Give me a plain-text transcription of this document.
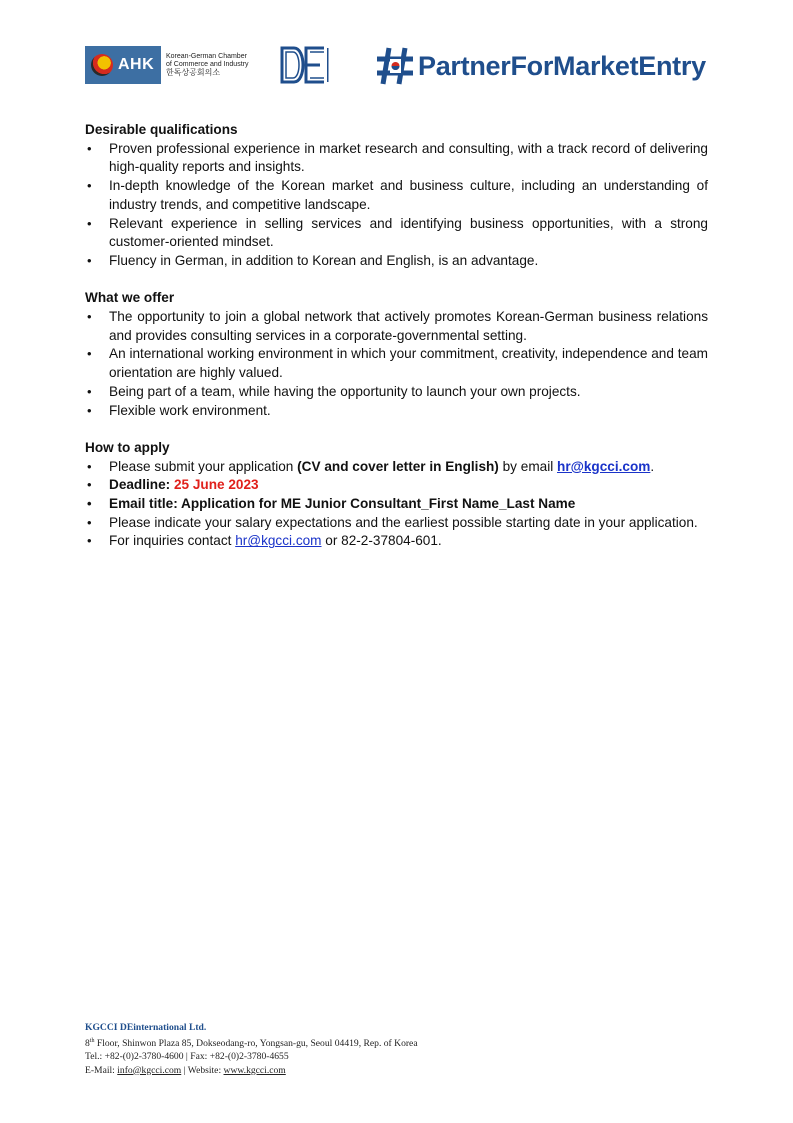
AHK Korean-German Chamber
of Commerce and Industry
한독상공회의소	PartnerForMarketEntry
Desirable qualifications
• Proven professional experience in market research and consulting, with a track record of delivering high-quality reports and insights.
• In-depth knowledge of the Korean market and business culture, including an understanding of industry trends, and competitive landscape.
• Relevant experience in selling services and identifying business opportunities, with a strong customer-oriented mindset.
• Fluency in German, in addition to Korean and English, is an advantage.
What we offer
• The opportunity to join a global network that actively promotes Korean-German business relations and provides consulting services in a corporate-governmental setting.
• An international working environment in which your commitment, creativity, independence and team orientation are highly valued.
• Being part of a team, while having the opportunity to launch your own projects.
• Flexible work environment.
How to apply
• Please submit your application (CV and cover letter in English) by email hr@kgcci.com.
• Deadline: 25 June 2023
• Email title: Application for ME Junior Consultant_First Name_Last Name
• Please indicate your salary expectations and the earliest possible starting date in your application.
• For inquiries contact hr@kgcci.com or 82-2-37804-601.
KGCCI DEinternational Ltd.
8th Floor, Shinwon Plaza 85, Dokseodang-ro, Yongsan-gu, Seoul 04419, Rep. of Korea
Tel.: +82-(0)2-3780-4600 | Fax: +82-(0)2-3780-4655
E-Mail: info@kgcci.com | Website: www.kgcci.com
